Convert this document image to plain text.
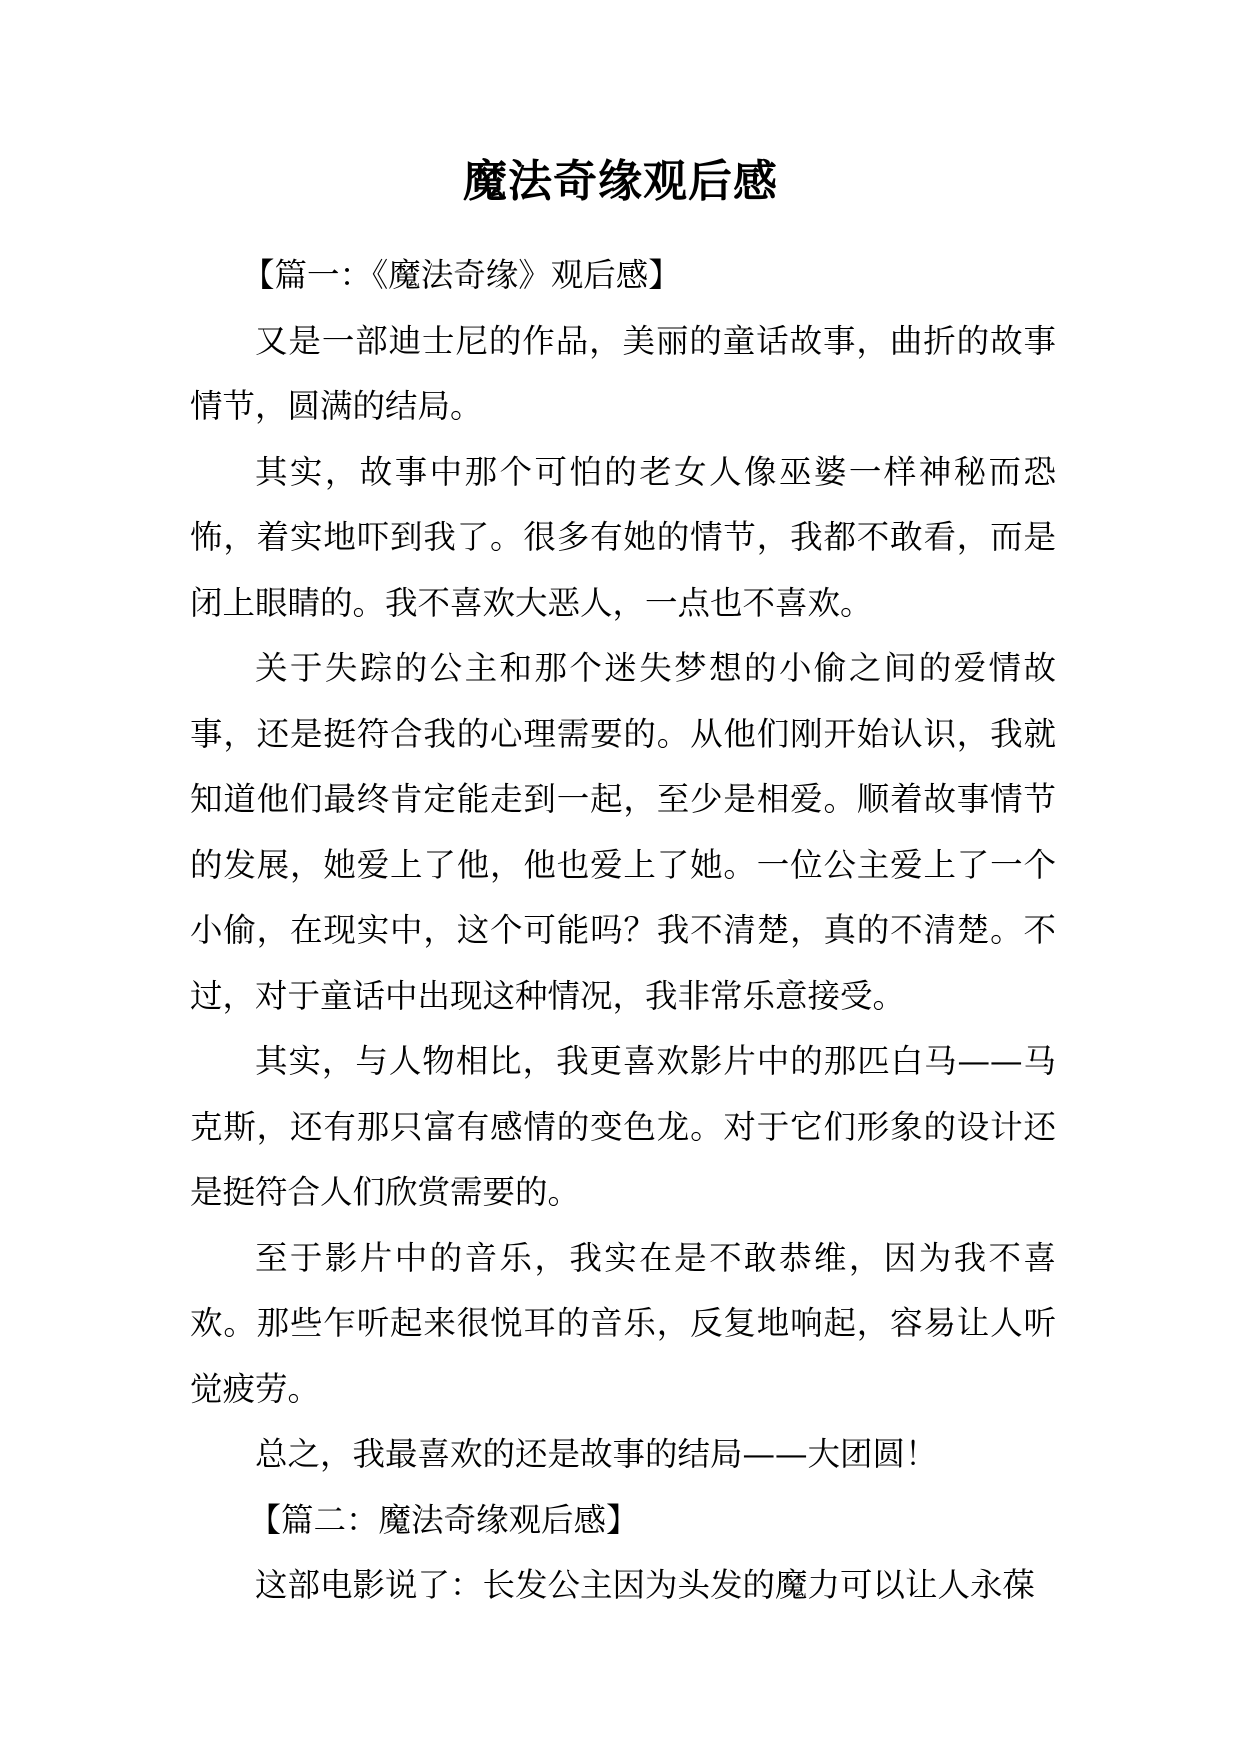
魔法奇缘观后感

【篇一：《魔法奇缘》观后感】

又是一部迪士尼的作品，美丽的童话故事，曲折的故事情节，圆满的结局。

其实，故事中那个可怕的老女人像巫婆一样神秘而恐怖，着实地吓到我了。很多有她的情节，我都不敢看，而是闭上眼睛的。我不喜欢大恶人，一点也不喜欢。

关于失踪的公主和那个迷失梦想的小偷之间的爱情故事，还是挺符合我的心理需要的。从他们刚开始认识，我就知道他们最终肯定能走到一起，至少是相爱。顺着故事情节的发展，她爱上了他，他也爱上了她。一位公主爱上了一个小偷，在现实中，这个可能吗？我不清楚，真的不清楚。不过，对于童话中出现这种情况，我非常乐意接受。

其实，与人物相比，我更喜欢影片中的那匹白马——马克斯，还有那只富有感情的变色龙。对于它们形象的设计还是挺符合人们欣赏需要的。

至于影片中的音乐，我实在是不敢恭维，因为我不喜欢。那些乍听起来很悦耳的音乐，反复地响起，容易让人听觉疲劳。

总之，我最喜欢的还是故事的结局——大团圆！

【篇二：魔法奇缘观后感】

这部电影说了：长发公主因为头发的魔力可以让人永葆
